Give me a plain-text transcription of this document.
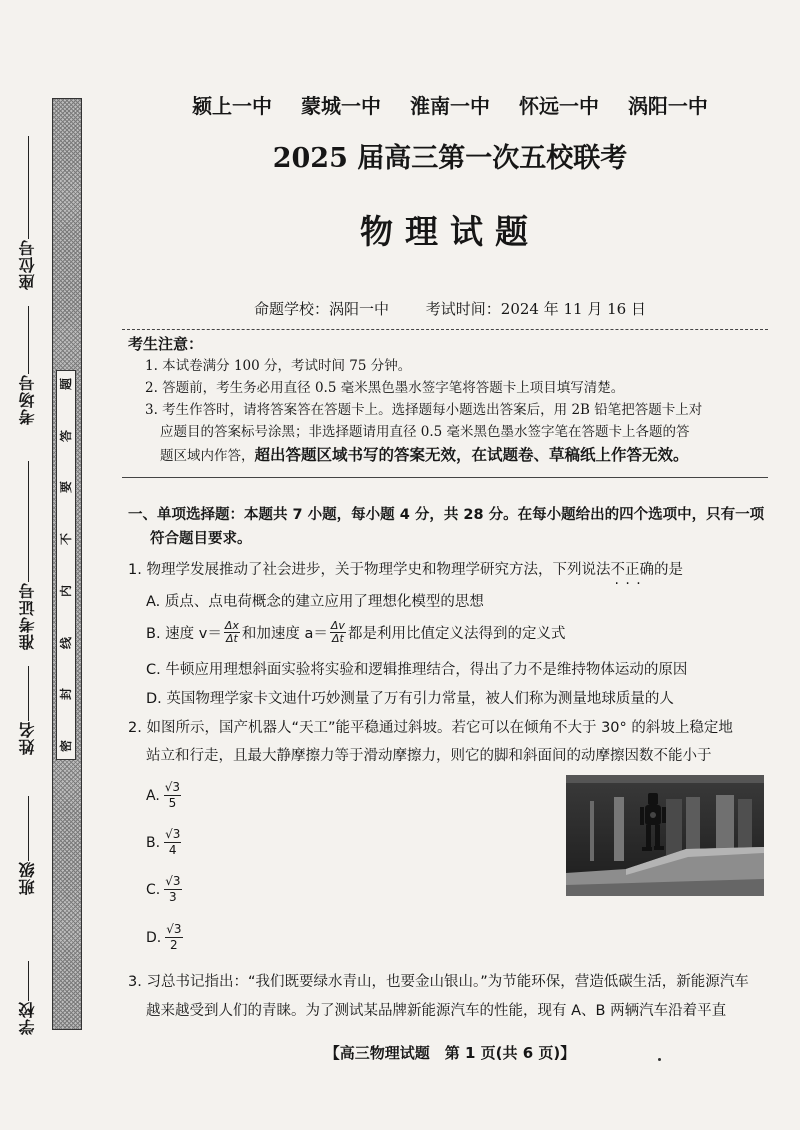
座位号
考场号
准考证号
姓名
班级
学校
题
答
要
不
内
线
封
密
颍上一中 蒙城一中 淮南一中 怀远一中 涡阳一中
2025 届高三第一次五校联考
物理试题
命题学校：涡阳一中 考试时间：2024 年 11 月 16 日
考生注意：
1. 本试卷满分 100 分，考试时间 75 分钟。
2. 答题前，考生务必用直径 0.5 毫米黑色墨水签字笔将答题卡上项目填写清楚。
3. 考生作答时，请将答案答在答题卡上。选择题每小题选出答案后，用 2B 铅笔把答题卡上对
应题目的答案标号涂黑；非选择题请用直径 0.5 毫米黑色墨水签字笔在答题卡上各题的答
题区域内作答，超出答题区域书写的答案无效，在试题卷、草稿纸上作答无效。
一、单项选择题：本题共 7 小题，每小题 4 分，共 28 分。在每小题给出的四个选项中，只有一项
符合题目要求。
1. 物理学发展推动了社会进步，关于物理学史和物理学研究方法，下列说法不正确 · · ·的是
A. 质点、点电荷概念的建立应用了理想化模型的思想
B. 速度 $v= \frac{\Delta x}{\Delta t}$ 和加速度 $a= \frac{\Delta v}{\Delta t}$ 都是利用比值定义法得到的定义式
C. 牛顿应用理想斜面实验将实验和逻辑推理结合，得出了力不是维持物体运动的原因
D. 英国物理学家卡文迪什巧妙测量了万有引力常量，被人们称为测量地球质量的人
2. 如图所示，国产机器人“天工”能平稳通过斜坡。若它可以在倾角不大于 30° 的斜坡上稳定地
站立和行走，且最大静摩擦力等于滑动摩擦力，则它的脚和斜面间的动摩擦因数不能小于
A. $\frac{√3}{5}$
B. $\frac{√3}{4}$
C. $\frac{√3}{3}$
D. $\frac{√3}{2}$
3. 习总书记指出：“我们既要绿水青山，也要金山银山。”为节能环保，营造低碳生活，新能源汽车
越来越受到人们的青睐。为了测试某品牌新能源汽车的性能，现有 A、B 两辆汽车沿着平直
【高三物理试题　第 1 页(共 6 页)】
